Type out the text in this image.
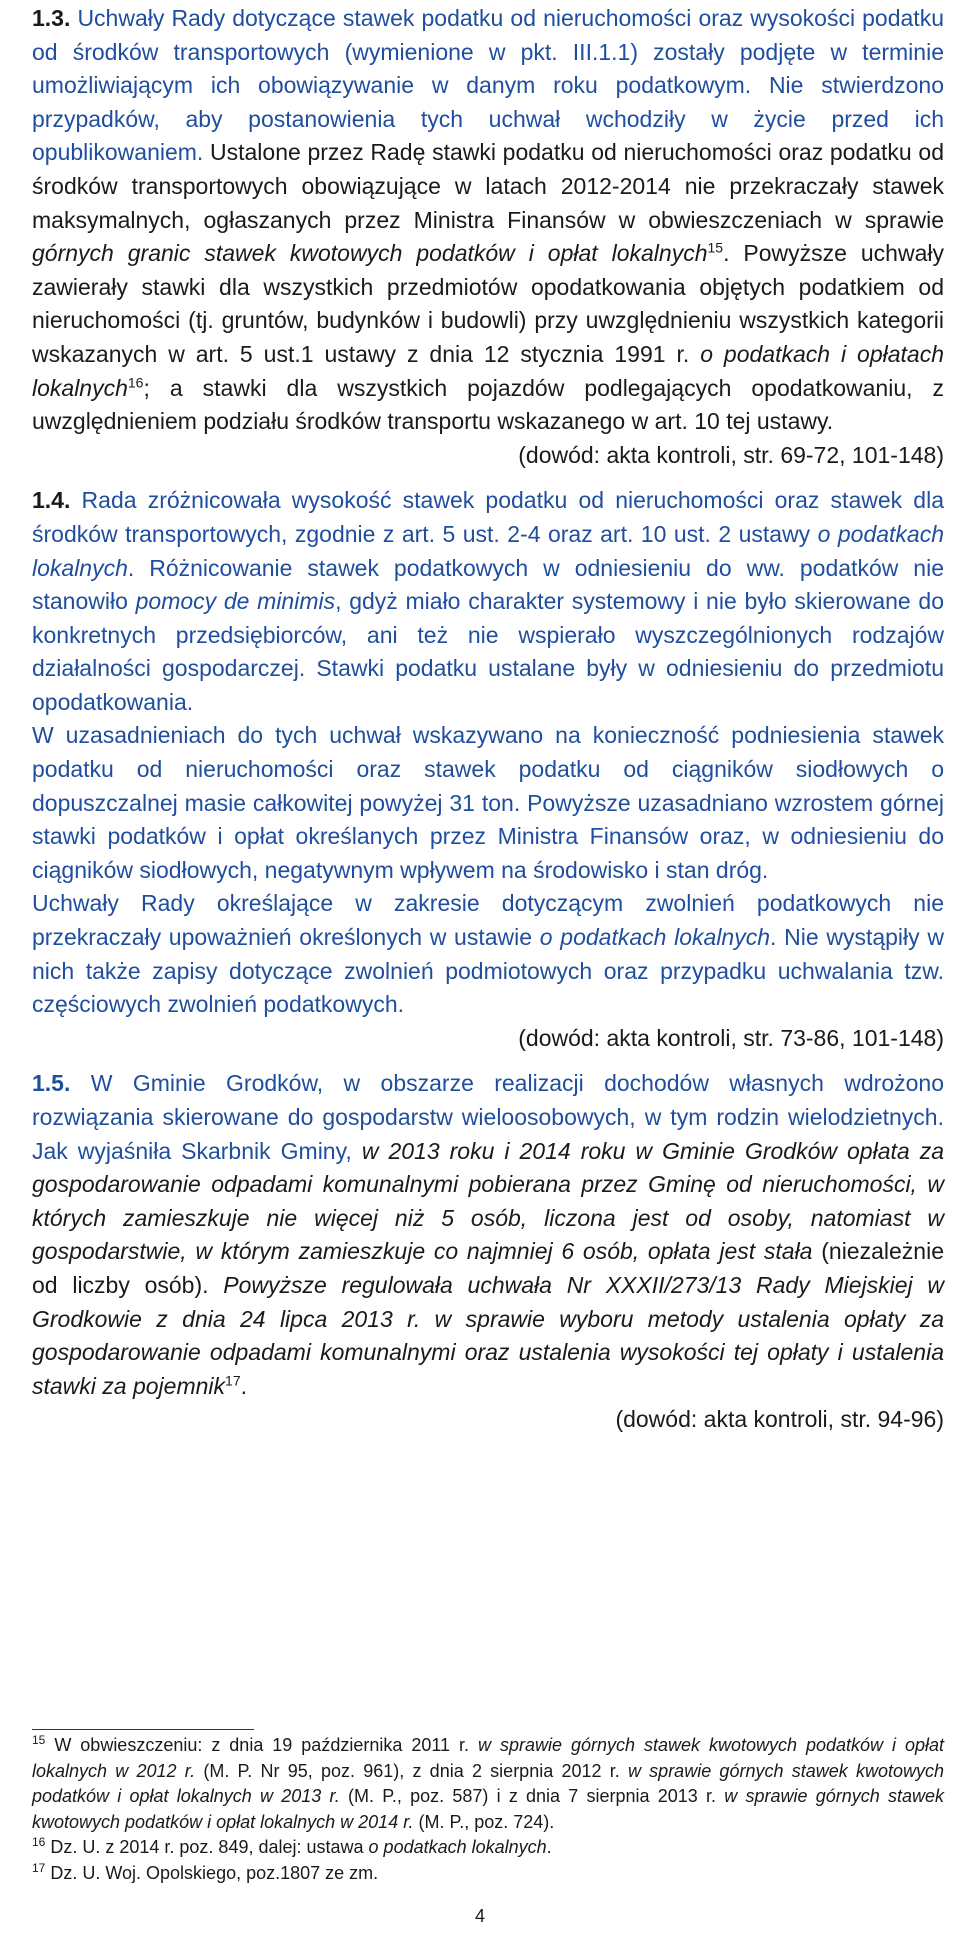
1.3. Uchwały Rady dotyczące stawek podatku od nieruchomości oraz wysokości podatku od środków transportowych (wymienione w pkt. III.1.1) zostały podjęte w terminie umożliwiającym ich obowiązywanie w danym roku podatkowym. Nie stwierdzono przypadków, aby postanowienia tych uchwał wchodziły w życie przed ich opublikowaniem. Ustalone przez Radę stawki podatku od nieruchomości oraz podatku od środków transportowych obowiązujące w latach 2012-2014 nie przekraczały stawek maksymalnych, ogłaszanych przez Ministra Finansów w obwieszczeniach w sprawie górnych granic stawek kwotowych podatków i opłat lokalnych$^{15}$. Powyższe uchwały zawierały stawki dla wszystkich przedmiotów opodatkowania objętych podatkiem od nieruchomości (tj. gruntów, budynków i budowli) przy uwzględnieniu wszystkich kategorii wskazanych w art. 5 ust.1 ustawy z dnia 12 stycznia 1991 r. o podatkach i opłatach lokalnych$^{16}$; a stawki dla wszystkich pojazdów podlegających opodatkowaniu, z uwzględnieniem podziału środków transportu wskazanego w art. 10 tej ustawy.

(dowód: akta kontroli, str. 69-72, 101-148)

1.4. Rada zróżnicowała wysokość stawek podatku od nieruchomości oraz stawek dla środków transportowych, zgodnie z art. 5 ust. 2-4 oraz art. 10 ust. 2 ustawy o podatkach lokalnych. Różnicowanie stawek podatkowych w odniesieniu do ww. podatków nie stanowiło pomocy de minimis, gdyż miało charakter systemowy i nie było skierowane do konkretnych przedsiębiorców, ani też nie wspierało wyszczególnionych rodzajów działalności gospodarczej. Stawki podatku ustalane były w odniesieniu do przedmiotu opodatkowania.

W uzasadnieniach do tych uchwał wskazywano na konieczność podniesienia stawek podatku od nieruchomości oraz stawek podatku od ciągników siodłowych o dopuszczalnej masie całkowitej powyżej 31 ton. Powyższe uzasadniano wzrostem górnej stawki podatków i opłat określanych przez Ministra Finansów oraz, w odniesieniu do ciągników siodłowych, negatywnym wpływem na środowisko i stan dróg.

Uchwały Rady określające w zakresie dotyczącym zwolnień podatkowych nie przekraczały upoważnień określonych w ustawie o podatkach lokalnych. Nie wystąpiły w nich także zapisy dotyczące zwolnień podmiotowych oraz przypadku uchwalania tzw. częściowych zwolnień podatkowych.

(dowód: akta kontroli, str. 73-86, 101-148)

1.5. W Gminie Grodków, w obszarze realizacji dochodów własnych wdrożono rozwiązania skierowane do gospodarstw wieloosobowych, w tym rodzin wielodzietnych. Jak wyjaśniła Skarbnik Gminy, w 2013 roku i 2014 roku w Gminie Grodków opłata za gospodarowanie odpadami komunalnymi pobierana przez Gminę od nieruchomości, w których zamieszkuje nie więcej niż 5 osób, liczona jest od osoby, natomiast w gospodarstwie, w którym zamieszkuje co najmniej 6 osób, opłata jest stała (niezależnie od liczby osób). Powyższe regulowała uchwała Nr XXXII/273/13 Rady Miejskiej w Grodkowie z dnia 24 lipca 2013 r. w sprawie wyboru metody ustalenia opłaty za gospodarowanie odpadami komunalnymi oraz ustalenia wysokości tej opłaty i ustalenia stawki za pojemnik$^{17}$.

(dowód: akta kontroli, str. 94-96)

$^{15}$ W obwieszczeniu: z dnia 19 października 2011 r. w sprawie górnych stawek kwotowych podatków i opłat lokalnych w 2012 r. (M. P. Nr 95, poz. 961), z dnia 2 sierpnia 2012 r. w sprawie górnych stawek kwotowych podatków i opłat lokalnych w 2013 r. (M. P., poz. 587) i z dnia 7 sierpnia 2013 r. w sprawie górnych stawek kwotowych podatków i opłat lokalnych w 2014 r. (M. P., poz. 724).

$^{16}$ Dz. U. z 2014 r. poz. 849, dalej: ustawa o podatkach lokalnych.

$^{17}$ Dz. U. Woj. Opolskiego, poz.1807 ze zm.

4
